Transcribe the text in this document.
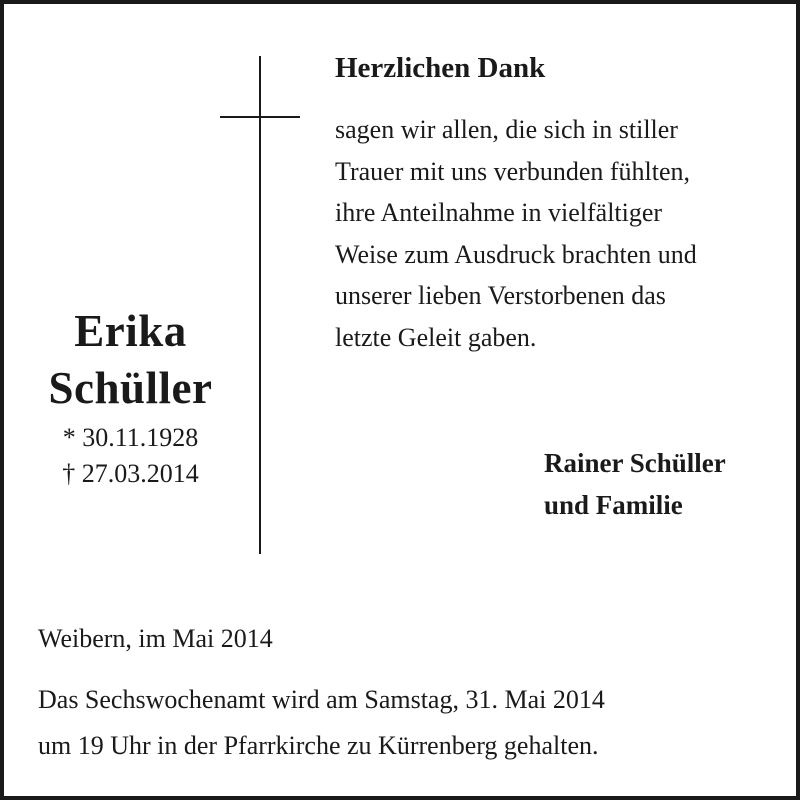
Erika
Schüller
* 30.11.1928
† 27.03.2014
Herzlichen Dank
sagen wir allen, die sich in stiller
Trauer mit uns verbunden fühlten,
ihre Anteilnahme in vielfältiger
Weise zum Ausdruck brachten und
unserer lieben Verstorbenen das
letzte Geleit gaben.
Rainer Schüller
und Familie
Weibern, im Mai 2014
Das Sechswochenamt wird am Samstag, 31. Mai 2014
um 19 Uhr in der Pfarrkirche zu Kürrenberg gehalten.
